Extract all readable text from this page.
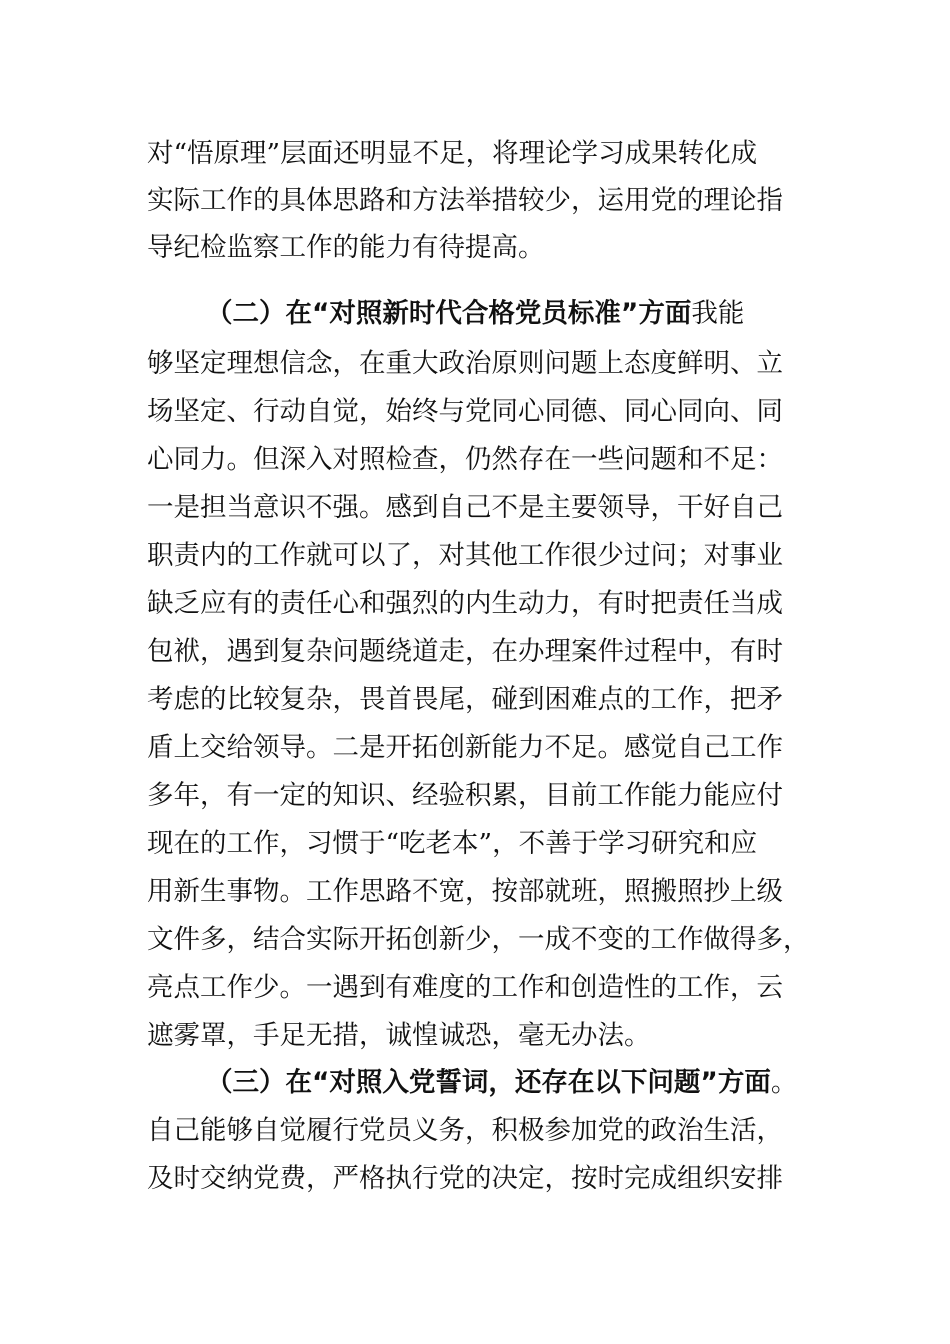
对“悟原理”层面还明显不足，将理论学习成果转化成
实际工作的具体思路和方法举措较少，运用党的理论指
导纪检监察工作的能力有待提高。
（二）在“对照新时代合格党员标准”方面我能
够坚定理想信念，在重大政治原则问题上态度鲜明、立
场坚定、行动自觉，始终与党同心同德、同心同向、同
心同力。但深入对照检查，仍然存在一些问题和不足：
一是担当意识不强。感到自己不是主要领导，干好自己
职责内的工作就可以了，对其他工作很少过问；对事业
缺乏应有的责任心和强烈的内生动力，有时把责任当成
包袱，遇到复杂问题绕道走，在办理案件过程中，有时
考虑的比较复杂，畏首畏尾，碰到困难点的工作，把矛
盾上交给领导。二是开拓创新能力不足。感觉自己工作
多年，有一定的知识、经验积累，目前工作能力能应付
现在的工作，习惯于“吃老本”，不善于学习研究和应
用新生事物。工作思路不宽，按部就班，照搬照抄上级
文件多，结合实际开拓创新少，一成不变的工作做得多，
亮点工作少。一遇到有难度的工作和创造性的工作，云
遮雾罩，手足无措，诚惶诚恐，毫无办法。
（三）在“对照入党誓词，还存在以下问题”方面。
自己能够自觉履行党员义务，积极参加党的政治生活，
及时交纳党费，严格执行党的决定，按时完成组织安排
